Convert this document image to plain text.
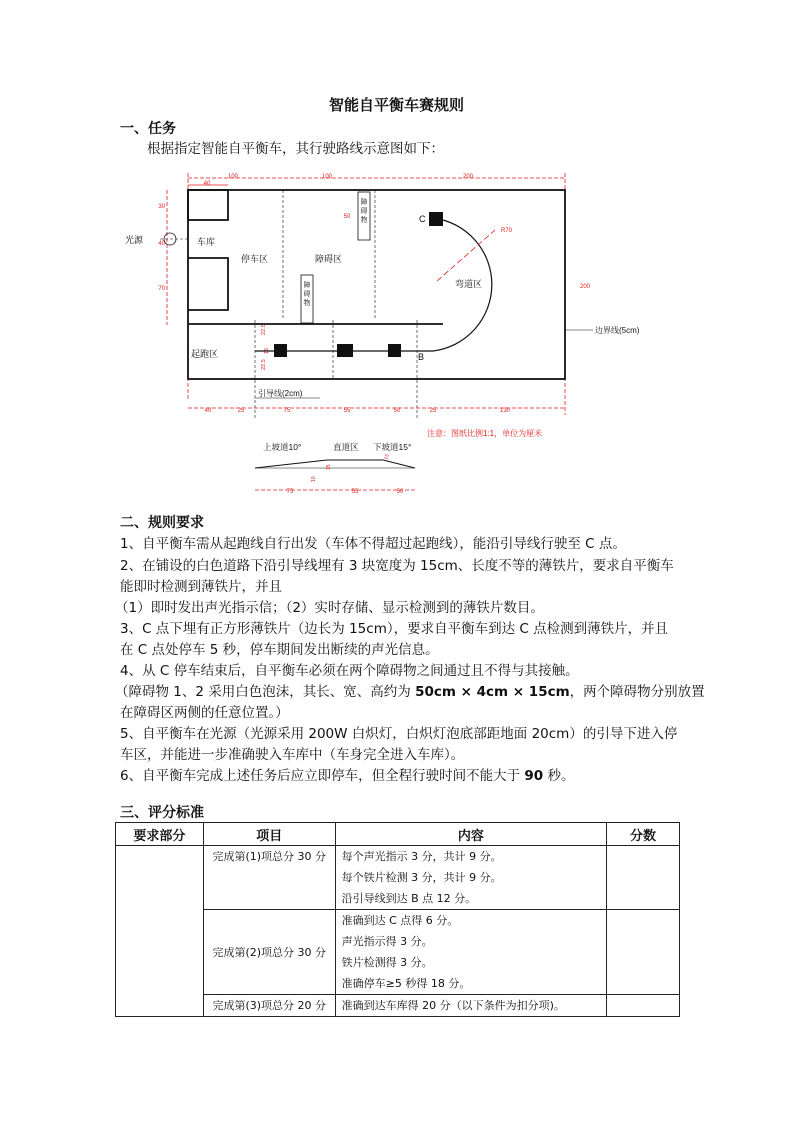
智能自平衡车赛规则
一、任务
根据指定智能自平衡车，其行驶路线示意图如下：
100	100	200
40
30
40
70
50
R70
200
车库
光源
停车区	障碍区
障碍物
障碍物
起跑区
弯道区
C
B
22.5
22.5
15
边界线(5cm)
引导线(2cm)
40	25	75	55	50	25	130
注意：图纸比例1:1，单位为厘米
上坡道10°	直道区 下坡道15°
75	55	50
10
15
15
二、规则要求
1、自平衡车需从起跑线自行出发（车体不得超过起跑线），能沿引导线行驶至 C 点。
2、在铺设的白色道路下沿引导线埋有 3 块宽度为 15cm、长度不等的薄铁片，要求自平衡车
能即时检测到薄铁片，并且
（1）即时发出声光指示信；（2）实时存储、显示检测到的薄铁片数目。
3、C 点下埋有正方形薄铁片（边长为 15cm），要求自平衡车到达 C 点检测到薄铁片，并且
在 C 点处停车 5 秒，停车期间发出断续的声光信息。
4、从 C 停车结束后，自平衡车必须在两个障碍物之间通过且不得与其接触。
（障碍物 1、2 采用白色泡沫，其长、宽、高约为 50cm × 4cm × 15cm，两个障碍物分别放置
在障碍区两侧的任意位置。）
5、自平衡车在光源（光源采用 200W 白炽灯，白炽灯泡底部距地面 20cm）的引导下进入停
车区，并能进一步准确驶入车库中（车身完全进入车库）。
6、自平衡车完成上述任务后应立即停车，但全程行驶时间不能大于 90 秒。
三、评分标准
要求部分	项目	内容	分数

	完成第(1)项总分 30 分	每个声光指示 3 分，共计 9 分。
每个铁片检测 3 分，共计 9 分。
沿引导线到达 B 点 12 分。	

	完成第(2)项总分 30 分	准确到达 C 点得 6 分。
声光指示得 3 分。
铁片检测得 3 分。
准确停车≥5 秒得 18 分。	

	完成第(3)项总分 20 分	准确到达车库得 20 分（以下条件为扣分项)。	
